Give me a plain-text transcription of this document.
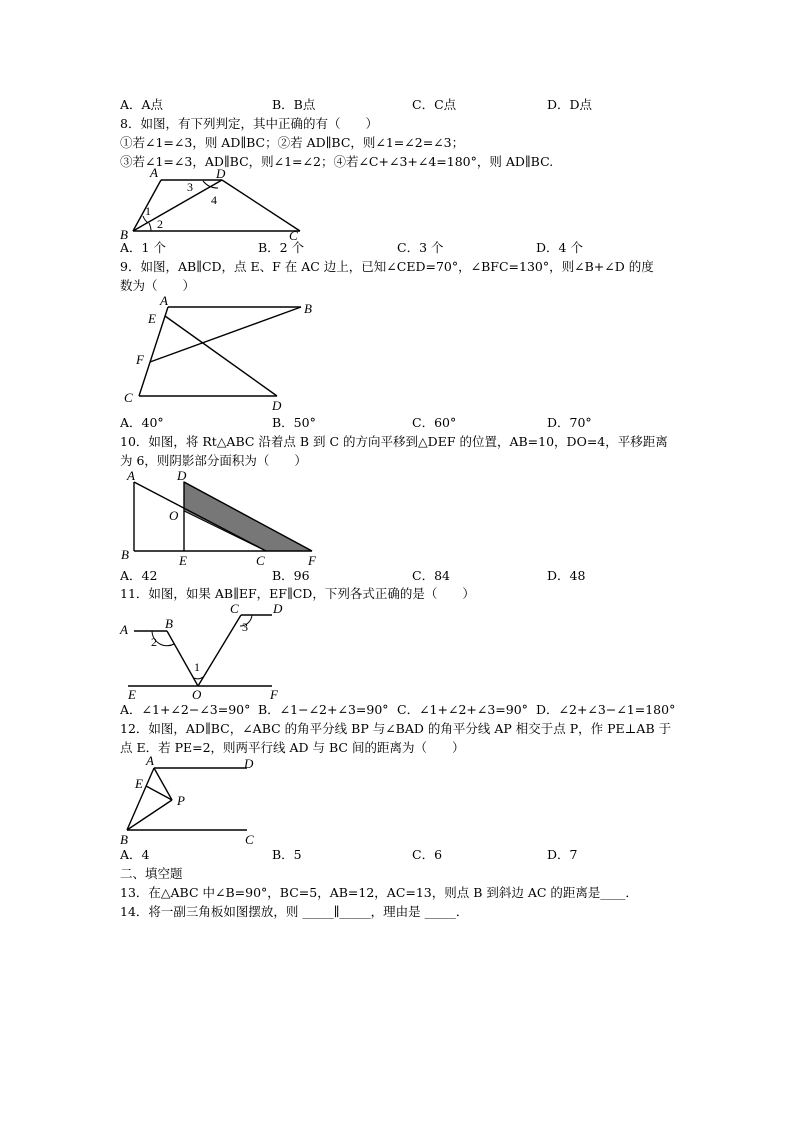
A．A点	B．B点	C．C点	D．D点
8．如图，有下列判定，其中正确的有（　　）
①若∠1=∠3，则 AD∥BC；②若 AD∥BC，则∠1=∠2=∠3；
③若∠1=∠3，AD∥BC，则∠1=∠2；④若∠C+∠3+∠4=180°，则 AD∥BC.
A	D
B	C
1
2
3
4
A．1 个	B．2 个	C．3 个	D．4 个
9．如图，AB∥CD，点 E、F 在 AC 边上，已知∠CED=70°，∠BFC=130°，则∠B+∠D 的度
数为（　　）
A
B
E
F
C
D
A．40°	B．50°	C．60°	D．70°
10．如图，将 Rt△ABC 沿着点 B 到 C 的方向平移到△DEF 的位置，AB=10，DO=4，平移距离
为 6，则阴影部分面积为（　　）
A	D
O
B	E	C	F
A．42	B．96	C．84	D．48
11．如图，如果 AB∥EF，EF∥CD，下列各式正确的是（　　）
A	B
C	D
E	O	F
1
2
3
A．∠1+∠2−∠3=90° B．∠1−∠2+∠3=90° C．∠1+∠2+∠3=90° D．∠2+∠3−∠1=180°
12．如图，AD∥BC，∠ABC 的角平分线 BP 与∠BAD 的角平分线 AP 相交于点 P，作 PE⊥AB 于
点 E．若 PE=2，则两平行线 AD 与 BC 间的距离为（　　）
A	D
E
P
B	C
A．4	B．5	C．6	D．7
二、填空题
13．在△ABC 中∠B=90°，BC=5，AB=12，AC=13，则点 B 到斜边 AC 的距离是____．
14．将一副三角板如图摆放，则 _____∥_____，理由是 _____．
